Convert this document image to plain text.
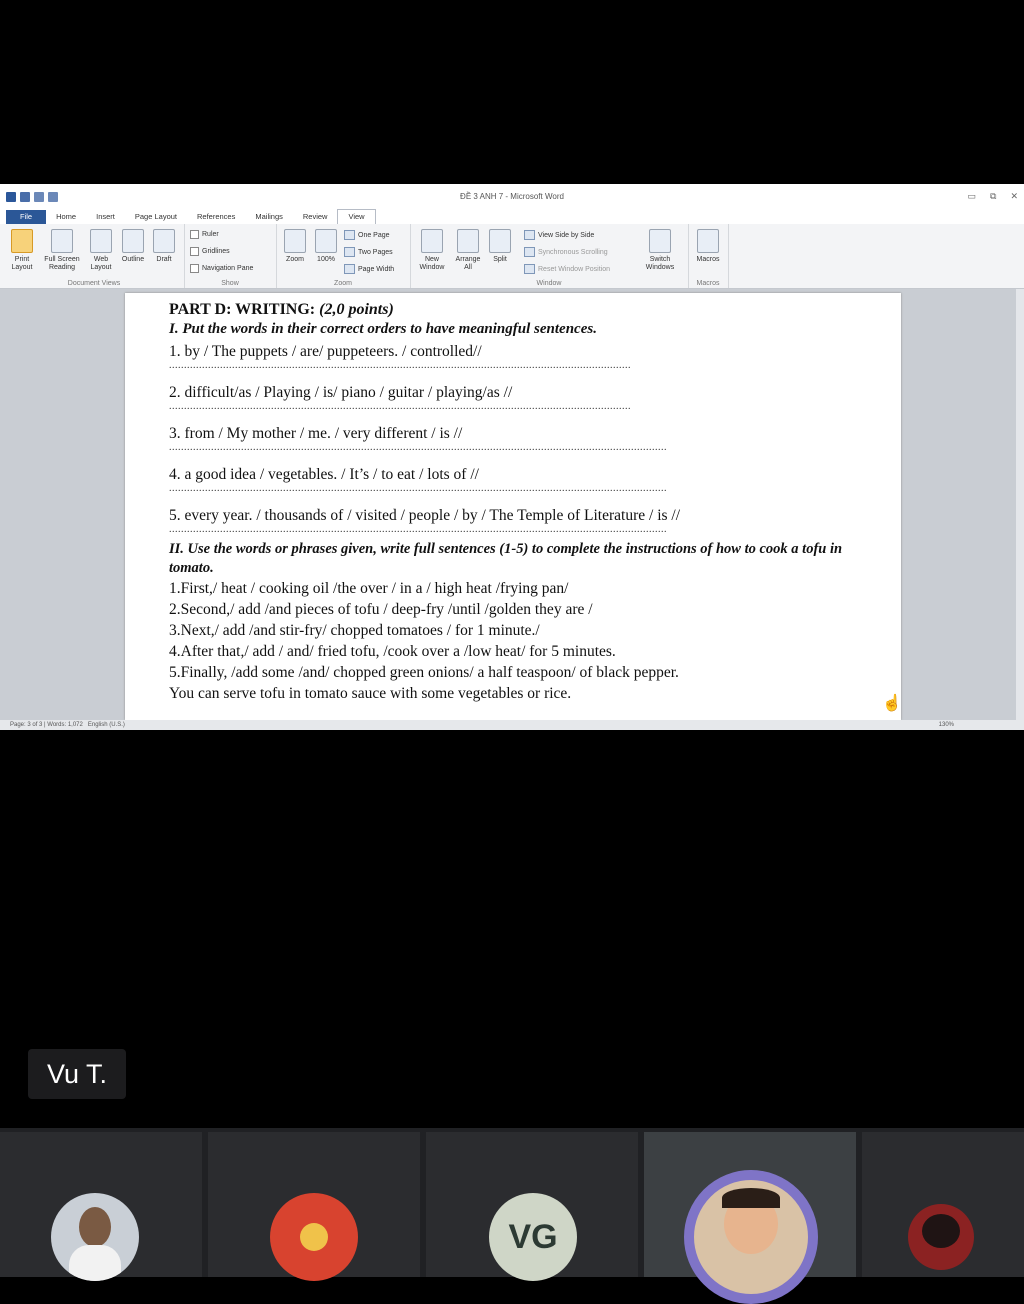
ĐỀ 3 ANH 7 - Microsoft Word	▭ ⧉ ✕
File	Home	Insert	Page Layout	References	Mailings	Review	View
Print Layout
Full Screen Reading
Web Layout
Outline	Draft
Document Views
Ruler
Gridlines
Navigation Pane
Show
Zoom	100%
One Page
Two Pages
Page Width
Zoom
New Window
Arrange All
Split
View Side by Side
Synchronous Scrolling
Reset Window Position
Switch Windows
Window
Macros
Macros
PART D: WRITING: (2,0 points)
I. Put the words in their correct orders to have meaningful sentences.
1. by / The puppets / are/ puppeteers. / controlled//
..........................................................................................................................................................
2. difficult/as / Playing / is/ piano / guitar / playing/as //
..........................................................................................................................................................
3. from / My mother / me. / very different / is //
......................................................................................................................................................................
4. a good idea / vegetables. / It’s / to eat / lots of //
......................................................................................................................................................................
5. every year. / thousands of / visited / people / by / The Temple of Literature / is //
......................................................................................................................................................................
II. Use the words or phrases given, write full sentences (1-5) to complete the instructions of how to cook a tofu in tomato.
1.First,/ heat / cooking oil /the over / in a / high heat /frying pan/
2.Second,/ add /and pieces of tofu / deep-fry /until /golden they are /
3.Next,/ add /and stir-fry/ chopped tomatoes / for 1 minute./
4.After that,/ add / and/ fried tofu, /cook over a /low heat/ for 5 minutes.
5.Finally, /add some /and/ chopped green onions/ a half teaspoon/ of black pepper.
You can serve tofu in tomato sauce with some vegetables or rice.
Page: 3 of 3 | Words: 1,072 English (U.S.)	130%
☝
Vu T.
VG
